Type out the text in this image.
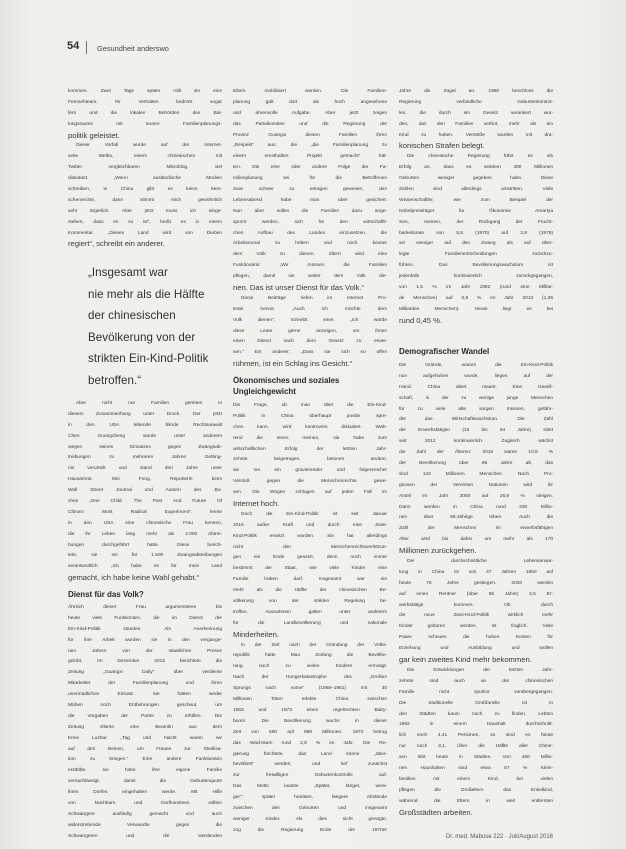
54 Gesundheit anderswo
kommen. Zwei Tage später rollt sie eine
Fernsehteam. Ihr Verhalten bedroht sogar
fern und die lokalen Behörden des Bal-
lungsraums mit teuren Familienplanungs-
politik geleistet.
Dieser Vorfall wurde auf der Internet-
seite Weibo, einem chinesischen mit
Twitter vergleichbaren Mikroblog, viel
diskutiert. „Wenn ausländische Medien
schreiben, in China gibt es keine Men-
schenrechte, dann stimmt mich gewöhnlich
sehr ärgerlich. Aber jetzt muss ich einge-
stehen, dass es so ist“, heißt es in einem
Kommentar. „Dieses Land wird von Dieben
regiert“, schreibt ein anderer.
„Insgesamt war
nie mehr als die Hälfte
der chinesischen
Bevölkerung von der
strikten Ein-Kind-Politik
betroffen.“
Aber nicht nur Familien gerieten in
diesem Zusammenhang unter Druck. Der jetzt
in den USA lebende blinde Rechtsanwalt
Chen Guangcheng wurde unter anderem
wegen seines Einsatzes gegen Zwangsab-
treibungen zu mehreren Jahren Gefäng-
nis verurteilt und stand drei Jahre unter
Hausarrest. Mei Fong, Reporterin beim
Wall Street Journal und Autorin des Bu-
ches „One Child: The Past And Future Of
China's Most Radical Experiment“, lernte
in den USA eine chinesische Frau kennen,
die ihr Leben lang mehr als 2.000 Abtrei-
bungen durchgeführt hatte. Diese berich-
tete, sie sei für 1.500 Zwangsabtreibungen
verantwortlich. „Ich habe es für mein Land
gemacht, ich habe keine Wahl gehabt.“
Dienst für das Volk?
Ähnlich dieser Frau argumentieren bis
heute viele Funktionäre, die im Dienst der
Ein-Kind-Politik standen. Als Anerkennung
für ihre Arbeit wurden sie in den vergange-
nen Jahren von der staatlichen Presse
gelobt. Im Dezember 2015 berichtete die
Zeitung „Guangxi Daily“ über verdiente
Mitarbeiter der Familienplanung und ihren
unermüdlichen Einsatz. Sie hätten weder
Mühen noch Entbehrungen gescheut, um
die Vorgaben der Partei zu erfüllen. Die
Zeitung zitierte eine Beamtin aus dem
Kreis Luzhai: „Tag und Nacht waren wir
auf den Beinen, um Frauen zur Sterilisa-
tion zu bringen.“ Eine andere Funktionärin
erzählte, sie habe ihre eigene Familie
vernachlässigt, damit die Geburtenquote
ihres Dorfes eingehalten werde. Mit Hilfe
von Nachbarn und Dorfkomitees sollten
Schwangere ausfindig gemacht und auch
widerstrebende Verwandte gegen die
Schwangeren und die werdenden
Eltern mobilisiert werden. Die Familien-
planung galt dort als hoch angesehene
und ehrenvolle Aufgabe. Aber jetzt zeigen
das Parteikomitee und die Regierung der
Provinz Guangxi diesen Familien ihren
„Respekt“ aus, die „die Familienplanung zu
einem ernsthaften Projekt gemacht“ hät-
ten. Die eine oder andere Folge der Fa-
milienplanung sei für die Betroffenen
zwar schwer zu ertragen gewesen, den
Lebensabend habe man aber gesichert.
Nun aber sollen die Familien dazu ange-
spornt werden, sich für den wirtschaftli-
chen Aufbau des Landes einzusetzen, die
Arbeitsmoral zu heben und noch besser
dem Volk zu dienen. Zitiert wird eine
Funktionärin: „Wir müssen die Familien
pflegen, damit sie weiter dem Volk die-
nen. Das ist unser Dienst für das Volk.“
Diese Beiträge riefen im Internet Pro-
teste hervor. „Auch ich möchte dem
Volk dienen“, schreibt einer. „Ich würde
diese Leute gerne anzeigen, um ihnen
einen Dienst nach dem Gesetz zu erwei-
sen.“ Ein anderer: „Dass sie sich so offen
rühmen, ist ein Schlag ins Gesicht.“
Ökonomisches und soziales
Ungleichgewicht
Die Frage, ob man über die Ein-Kind-
Politik in China überhaupt positiv spre-
chen kann, wird kontrovers diskutiert. Wäh-
rend die einen meinen, sie habe zum
wirtschaftlichen Erfolg der letzten Jahr-
zehnte beigetragen, betonen andere,
sie sei ein gravierender und folgenreicher
Verstoß gegen die Menschenrechte gewe-
sen. Die Wogen schlugen auf jeden Fall im
Internet hoch.
Doch die Ein-Kind-Politik ist seit Januar
2016 außer Kraft und durch eine Zwei-
Kind-Politik ersetzt worden. Sie hat allerdings
nicht den Menschenrechtsverletzun-
gen ein Ende gesetzt, denn noch immer
bestimmt der Staat, wie viele Kinder eine
Familie haben darf. Insgesamt war nie
mehr als die Hälfte der chinesischen Be-
völkerung von der strikten Regelung be-
troffen. Ausnahmen galten unter anderem
für die Landbevölkerung und nationale
Minderheiten.
In der Zeit nach der Gründung der Volks-
republik hatte Mao Zedong die Bevölke-
rung noch zu vielen Kindern ermutigt.
Nach der Hungerkatastrophe des „Großen
Sprungs nach vorne“ (1958–1961) mit 30
Millionen Toten erlebte China zwischen
1963 und 1973 einen regelrechten Baby-
boom. Die Bevölkerung wuchs in dieser
Zeit von 680 auf 890 Millionen. 1970 betrug
das Wachstum rund 2,8 % im Jahr. Die Re-
gierung fürchtete, das Land könne „über-
bevölkert“ werden, und rief zunächst
zur freiwilligen Geburtenkontrolle auf.
Das Motto lautete „Später, länger, weni-
ger“: später heiraten, längere Abstände
zwischen den Geburten und insgesamt
weniger Kinder. Als dies nicht genügte,
zog die Regierung Ende der 1970er
Jahre die Zügel an. 1980 beschloss die
Regierung verbindliche Geburtenkontrol-
len, die durch ein Gesetz verankert wur-
den, das den Familien verbot, mehr als ein
Kind zu haben. Verstöße wurden mit dra-
konischen Strafen belegt.
Die chinesische Regierung führt es als
Erfolg an, dass es seitdem 400 Millionen
Geburten weniger gegeben habe. Diese
Zahlen sind allerdings umstritten. Viele
Wissenschaftler, wie zum Beispiel der
Nobelpreisträger für Ökonomie Amartya
Sen, meinen, der Rückgang der Frucht-
barkeitsrate von 5,8 (1970) auf 2,8 (1979)
sei weniger auf den Zwang als auf über-
legte Familienentscheidungen zurückzu-
führen. Das Bevölkerungswachstum ist
jedenfalls kontinuierlich zurückgegangen,
von 1,5 % im Jahr 1982 (rund eine Milliar-
de Menschen) auf 0,5 % im Jahr 2013 (1,36
Milliarden Menschen). Heute liegt es bei
rund 0,45 %.
Demografischer Wandel
Die Gründe, warum die Ein-Kind-Politik
nun aufgehoben wurde, liegen auf der
Hand: China altert rasant. Eine Gesell-
schaft, in der zu wenige junge Menschen
für zu viele alte sorgen müssen, gefähr-
det das Wirtschaftswachstum. Die Zahl
der Erwerbstätigen (15 bis 64 Jahre) sinkt
seit 2012 kontinuierlich. Zugleich wächst
die Zahl der Älteren: 2015 waren 10,5 %
der Bevölkerung über 65 Jahre alt, das
sind 143 Millionen Menschen. Nach Pro-
gnosen der Vereinten Nationen wird ihr
Anteil im Jahr 2050 auf 26,9 % steigen.
Dann werden in China rund 330 Millio-
nen über 65-Jährige leben. Auch die
Zahl der Menschen im erwerbsfähigen
Alter wird bis dahin um mehr als 170
Millionen zurückgehen.
Die durchschnittliche Lebenserwar-
tung in China ist von 47 Jahren 1960 auf
heute 76 Jahre gestiegen. 2030 werden
auf einen Rentner (über 65 Jahre) 2,5 Er-
werbstätige kommen. Ob durch
die neue Zwei-Kind-Politik wirklich mehr
Kinder geboren werden, ist fraglich. Viele
Paare scheuen die hohen Kosten für
Erziehung und Ausbildung und wollen
gar kein zweites Kind mehr bekommen.
Die Entwicklungen der letzten Jahr-
zehnte sind auch an der chinesischen
Familie nicht spurlos vorübergegangen.
Die traditionelle Großfamilie ist in
den Städten kaum noch zu finden. Lebten
1982 in einem Haushalt durchschnitt-
lich noch 4,41 Personen, so sind es heute
nur noch 3,1. Über die Hälfte aller Chine-
sen lebt heute in Städten. Von 450 Millio-
nen Haushalten sind etwa 67 % Klein-
familien mit einem Kind, bei vielen
pflegen die Großeltern das Enkelkind,
während die Eltern in weit entfernten
Großstädten arbeiten.
Dr. med. Mabuse 222 · Juli/August 2016
